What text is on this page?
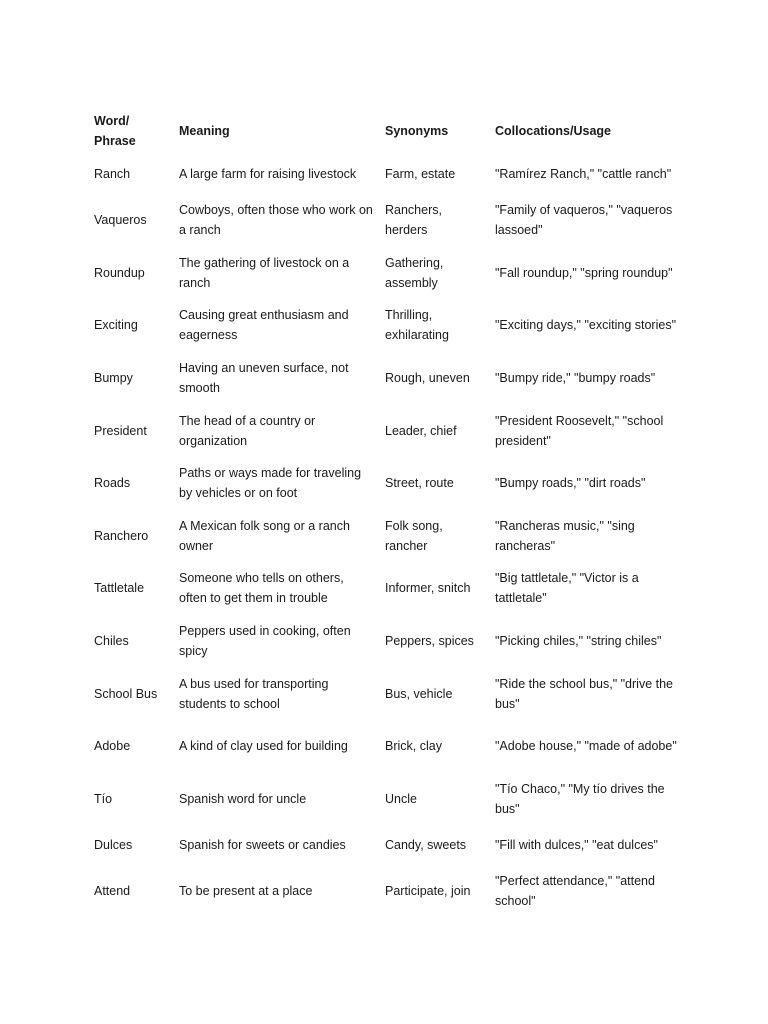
Word/ Phrase	Meaning	Synonyms	Collocations/Usage
Ranch	A large farm for raising livestock	Farm, estate	"Ramírez Ranch," "cattle ranch"
Vaqueros	Cowboys, often those who work on a ranch	Ranchers, herders	"Family of vaqueros," "vaqueros lassoed"
Roundup	The gathering of livestock on a ranch	Gathering, assembly	"Fall roundup," "spring roundup"
Exciting	Causing great enthusiasm and eagerness	Thrilling, exhilarating	"Exciting days," "exciting stories"
Bumpy	Having an uneven surface, not smooth	Rough, uneven	"Bumpy ride," "bumpy roads"
President	The head of a country or organization	Leader, chief	"President Roosevelt," "school president"
Roads	Paths or ways made for traveling by vehicles or on foot	Street, route	"Bumpy roads," "dirt roads"
Ranchero	A Mexican folk song or a ranch owner	Folk song, rancher	"Rancheras music," "sing rancheras"
Tattletale	Someone who tells on others, often to get them in trouble	Informer, snitch	"Big tattletale," "Victor is a tattletale"
Chiles	Peppers used in cooking, often spicy	Peppers, spices	"Picking chiles," "string chiles"
School Bus	A bus used for transporting students to school	Bus, vehicle	"Ride the school bus," "drive the bus"
Adobe	A kind of clay used for building	Brick, clay	"Adobe house," "made of adobe"
Tío	Spanish word for uncle	Uncle	"Tío Chaco," "My tío drives the bus"
Dulces	Spanish for sweets or candies	Candy, sweets	"Fill with dulces," "eat dulces"
Attend	To be present at a place	Participate, join	"Perfect attendance," "attend school"
